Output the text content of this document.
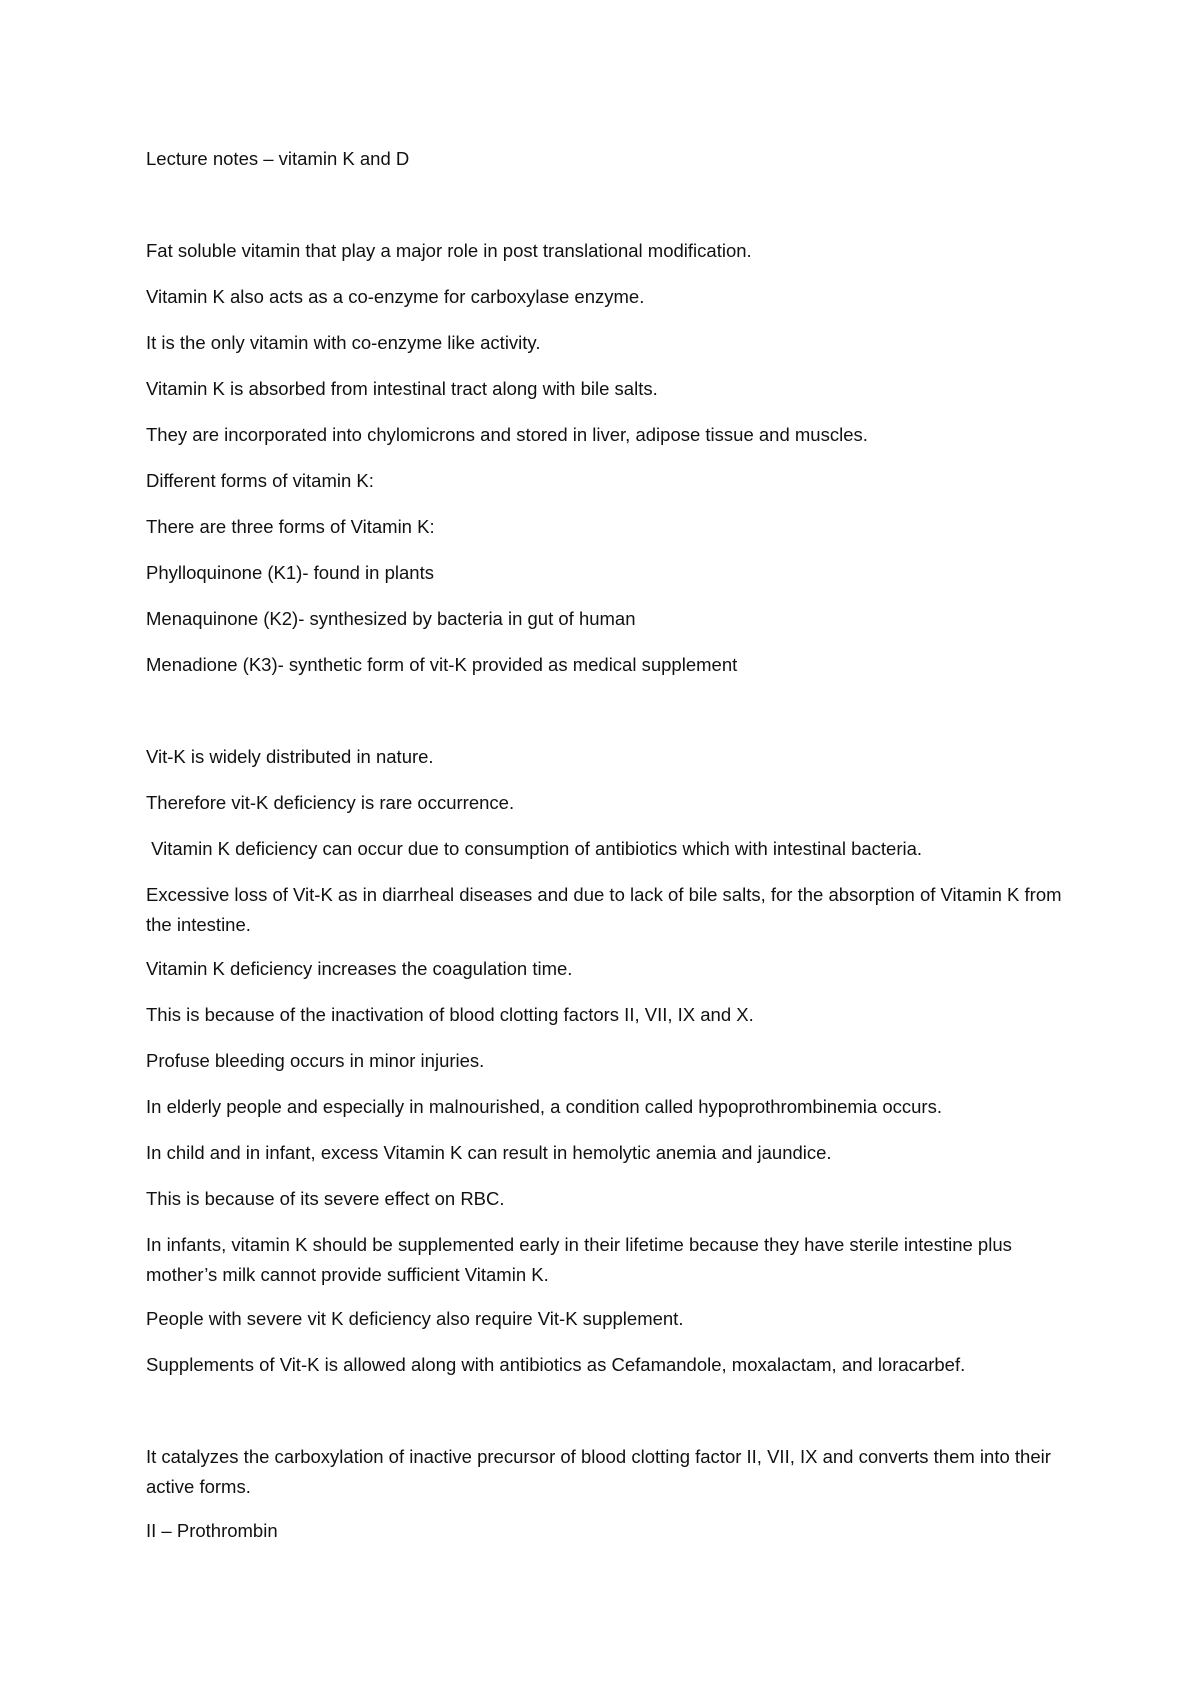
Lecture notes – vitamin K and D
Fat soluble vitamin that play a major role in post translational modification.
Vitamin K also acts as a co-enzyme for carboxylase enzyme.
It is the only vitamin with co-enzyme like activity.
Vitamin K is absorbed from intestinal tract along with bile salts.
They are incorporated into chylomicrons and stored in liver, adipose tissue and muscles.
Different forms of vitamin K:
There are three forms of Vitamin K:
Phylloquinone (K1)- found in plants
Menaquinone (K2)- synthesized by bacteria in gut of human
Menadione (K3)- synthetic form of vit-K provided as medical supplement
Vit-K is widely distributed in nature.
Therefore vit-K deficiency is rare occurrence.
Vitamin K deficiency can occur due to consumption of antibiotics which with intestinal bacteria.
Excessive loss of Vit-K as in diarrheal diseases and due to lack of bile salts, for the absorption of Vitamin K from the intestine.
Vitamin K deficiency increases the coagulation time.
This is because of the inactivation of blood clotting factors II, VII, IX and X.
Profuse bleeding occurs in minor injuries.
In elderly people and especially in malnourished, a condition called hypoprothrombinemia occurs.
In child and in infant, excess Vitamin K can result in hemolytic anemia and jaundice.
This is because of its severe effect on RBC.
In infants, vitamin K should be supplemented early in their lifetime because they have sterile intestine plus mother’s milk cannot provide sufficient Vitamin K.
People with severe vit K deficiency also require Vit-K supplement.
Supplements of Vit-K is allowed along with antibiotics as Cefamandole, moxalactam, and loracarbef.
It catalyzes the carboxylation of inactive precursor of blood clotting factor II, VII, IX and converts them into their active forms.
II – Prothrombin
